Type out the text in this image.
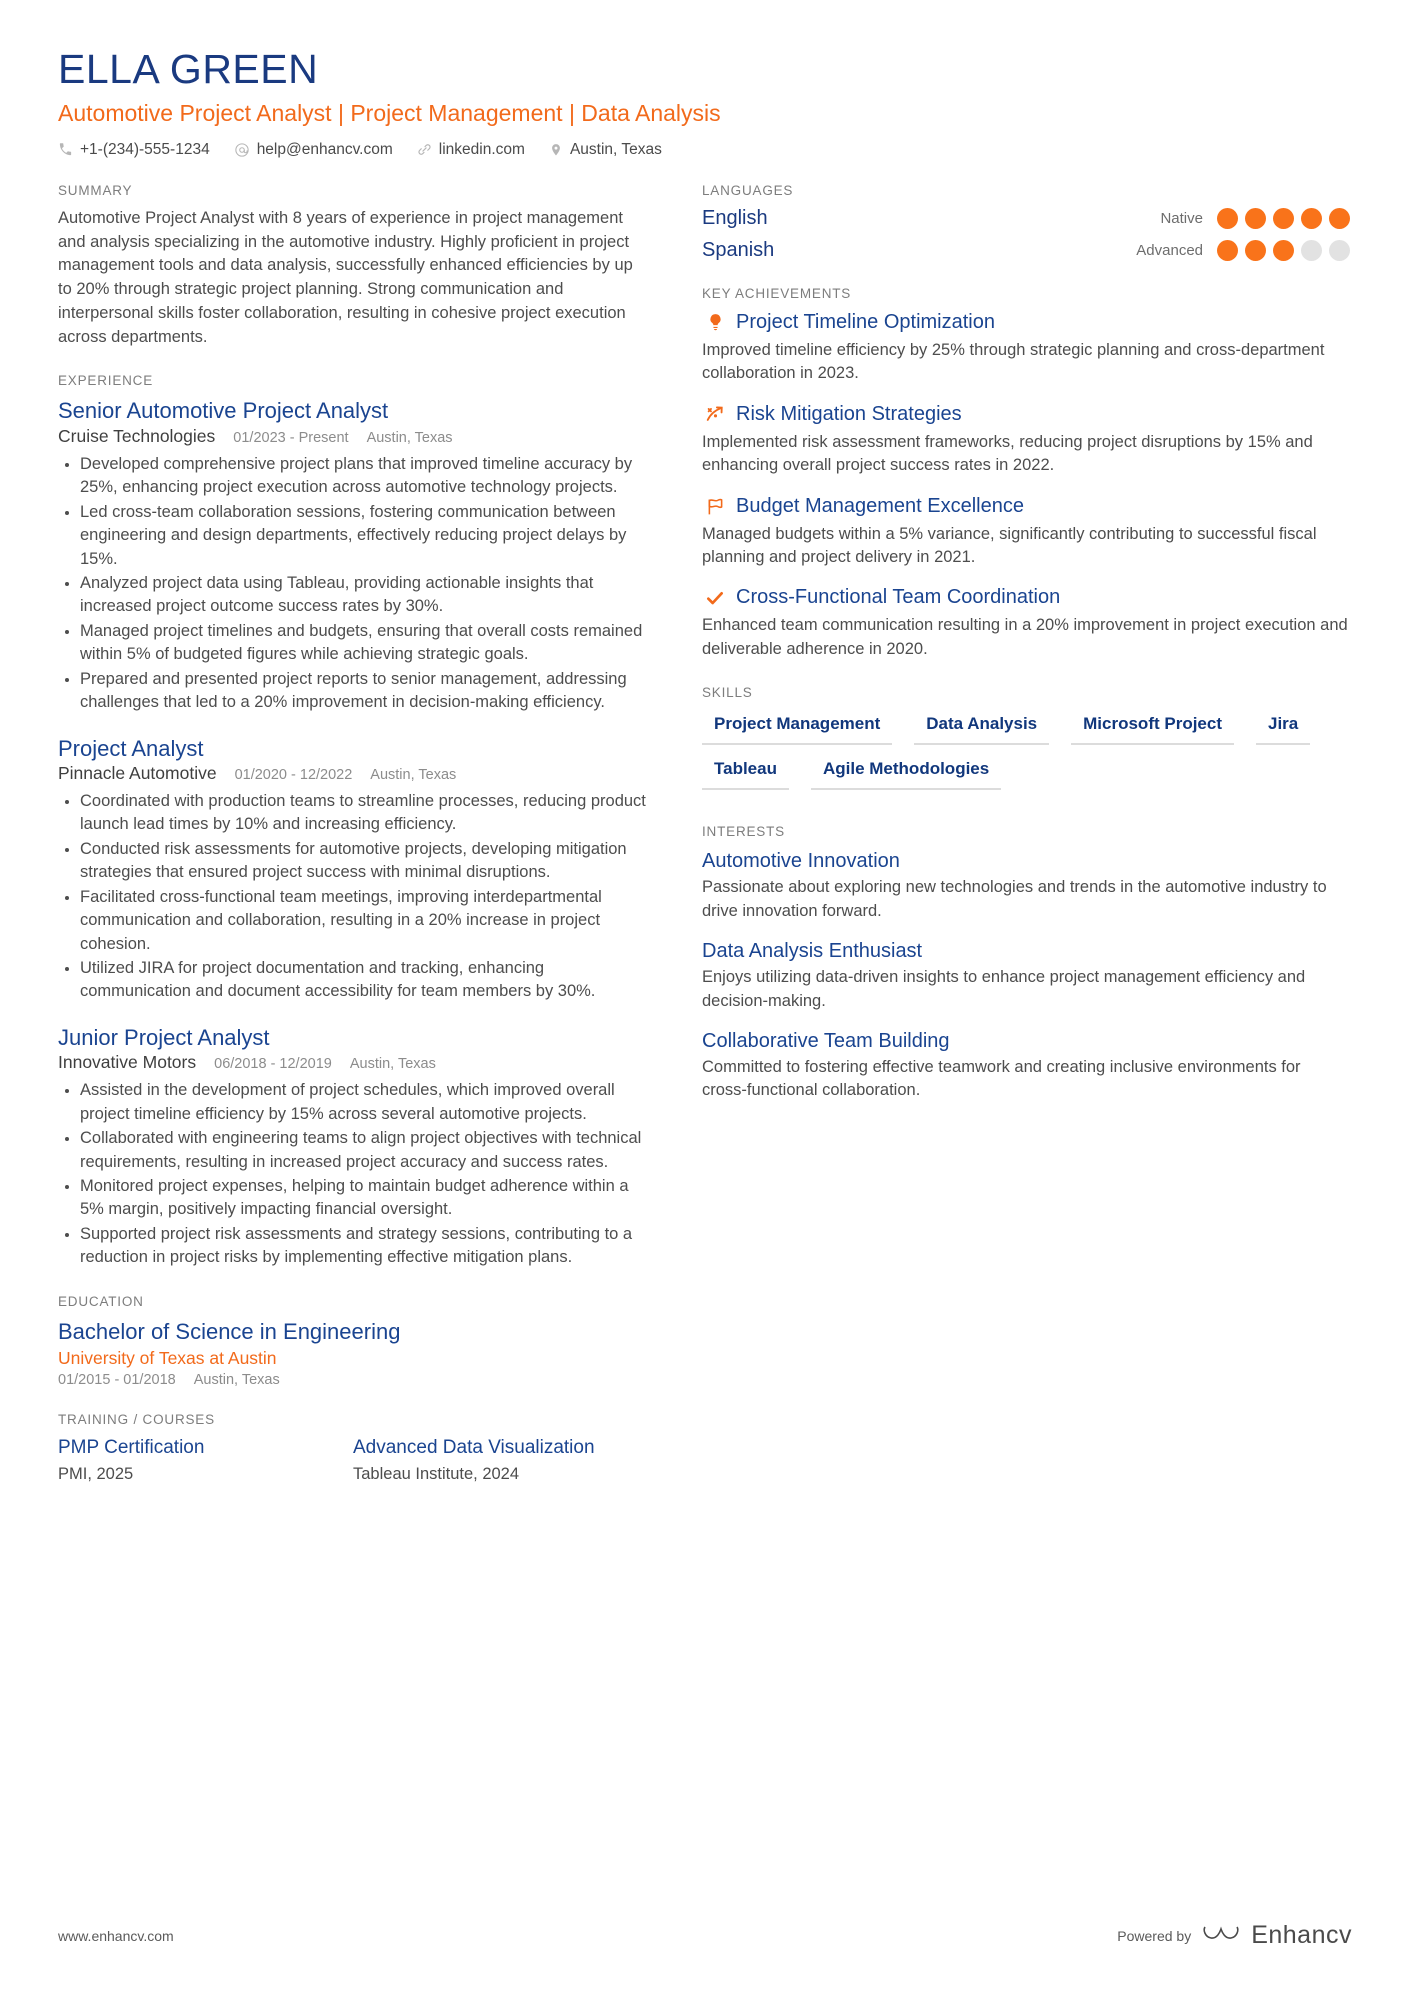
ELLA GREEN
Automotive Project Analyst | Project Management | Data Analysis
+1-(234)-555-1234	help@enhancv.com	linkedin.com	Austin, Texas
SUMMARY
Automotive Project Analyst with 8 years of experience in project management and analysis specializing in the automotive industry. Highly proficient in project management tools and data analysis, successfully enhanced efficiencies by up to 20% through strategic project planning. Strong communication and interpersonal skills foster collaboration, resulting in cohesive project execution across departments.
EXPERIENCE
Senior Automotive Project Analyst
Cruise Technologies 01/2023 - Present Austin, Texas
Developed comprehensive project plans that improved timeline accuracy by 25%, enhancing project execution across automotive technology projects.
Led cross-team collaboration sessions, fostering communication between engineering and design departments, effectively reducing project delays by 15%.
Analyzed project data using Tableau, providing actionable insights that increased project outcome success rates by 30%.
Managed project timelines and budgets, ensuring that overall costs remained within 5% of budgeted figures while achieving strategic goals.
Prepared and presented project reports to senior management, addressing challenges that led to a 20% improvement in decision-making efficiency.
Project Analyst
Pinnacle Automotive 01/2020 - 12/2022 Austin, Texas
Coordinated with production teams to streamline processes, reducing product launch lead times by 10% and increasing efficiency.
Conducted risk assessments for automotive projects, developing mitigation strategies that ensured project success with minimal disruptions.
Facilitated cross-functional team meetings, improving interdepartmental communication and collaboration, resulting in a 20% increase in project cohesion.
Utilized JIRA for project documentation and tracking, enhancing communication and document accessibility for team members by 30%.
Junior Project Analyst
Innovative Motors 06/2018 - 12/2019 Austin, Texas
Assisted in the development of project schedules, which improved overall project timeline efficiency by 15% across several automotive projects.
Collaborated with engineering teams to align project objectives with technical requirements, resulting in increased project accuracy and success rates.
Monitored project expenses, helping to maintain budget adherence within a 5% margin, positively impacting financial oversight.
Supported project risk assessments and strategy sessions, contributing to a reduction in project risks by implementing effective mitigation plans.
EDUCATION
Bachelor of Science in Engineering
University of Texas at Austin
01/2015 - 01/2018 Austin, Texas
TRAINING / COURSES
PMP Certification
PMI, 2025
Advanced Data Visualization
Tableau Institute, 2024
LANGUAGES
English	Native
Spanish	Advanced
KEY ACHIEVEMENTS
Project Timeline Optimization
Improved timeline efficiency by 25% through strategic planning and cross-department collaboration in 2023.
Risk Mitigation Strategies
Implemented risk assessment frameworks, reducing project disruptions by 15% and enhancing overall project success rates in 2022.
Budget Management Excellence
Managed budgets within a 5% variance, significantly contributing to successful fiscal planning and project delivery in 2021.
Cross-Functional Team Coordination
Enhanced team communication resulting in a 20% improvement in project execution and deliverable adherence in 2020.
SKILLS
Project Management	Data Analysis	Microsoft Project	Jira
Tableau	Agile Methodologies
INTERESTS
Automotive Innovation
Passionate about exploring new technologies and trends in the automotive industry to drive innovation forward.
Data Analysis Enthusiast
Enjoys utilizing data-driven insights to enhance project management efficiency and decision-making.
Collaborative Team Building
Committed to fostering effective teamwork and creating inclusive environments for cross-functional collaboration.
www.enhancv.com	Powered by Enhancv
